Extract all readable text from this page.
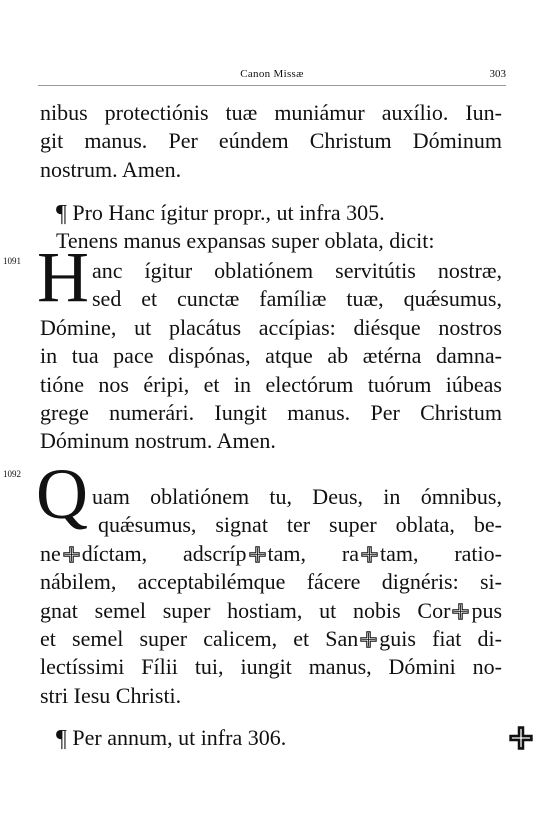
Canon Missæ	303
nibus protectiónis tuæ muniámur auxílio. Iun-
git manus. Per eúndem Christum Dóminum
nostrum. Amen.
¶ Pro Hanc ígitur propr., ut infra 305.
Tenens manus expansas super oblata, dicit:
1091 H anc ígitur oblatiónem servitútis nostræ,
sed et cunctæ famíliæ tuæ, quǽsumus,
Dómine, ut placátus accípias: diésque nostros
in tua pace dispónas, atque ab ætérna damna-
tióne nos éripi, et in electórum tuórum iúbeas
grege numerári. Iungit manus. Per Christum
Dóminum nostrum. Amen.
1092 Q uam oblatiónem tu, Deus, in ómnibus,
quǽsumus, signat ter super oblata, be-
ne díctam, adscríp tam, ra tam, ratio-
nábilem, acceptabilémque fácere dignéris: si-
gnat semel super hostiam, ut nobis Cor pus
et semel super calicem, et San guis fiat di-
lectíssimi Fílii tui, iungit manus, Dómini no-
stri Iesu Christi.
¶ Per annum, ut infra 306.
